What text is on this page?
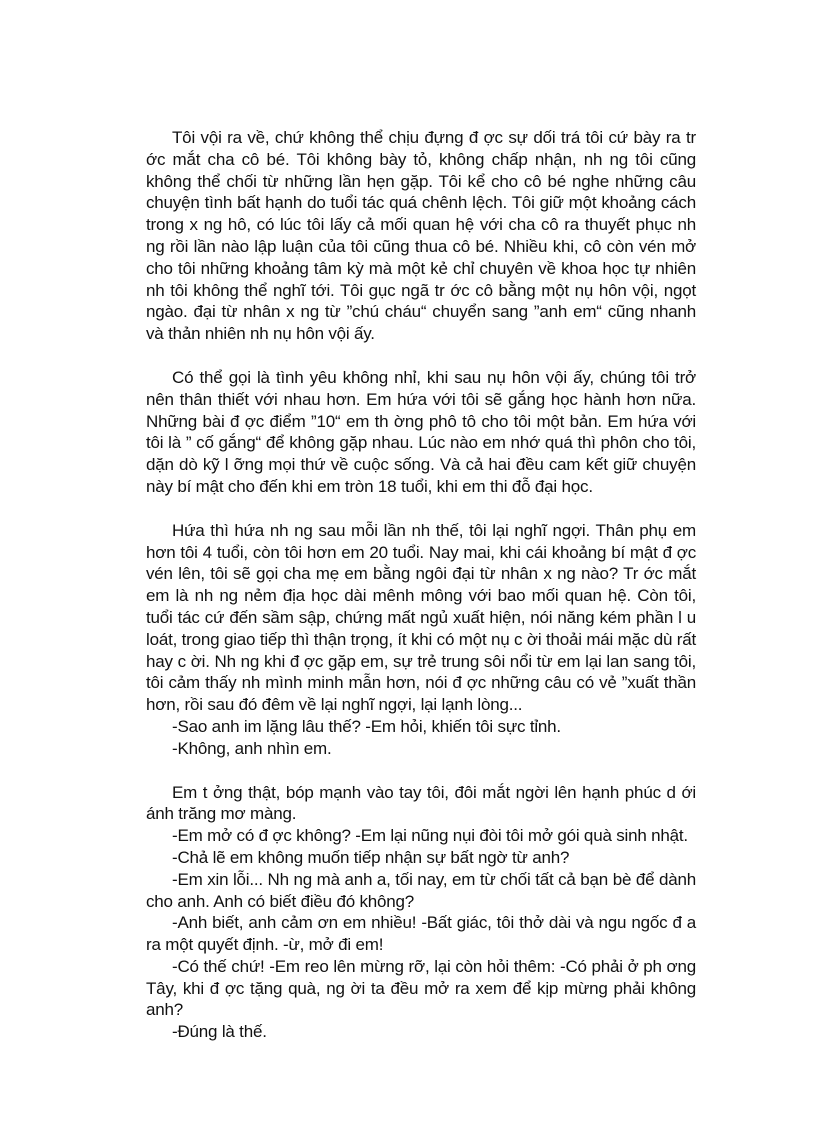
Tôi vội ra về, chứ không thể chịu đựng đ ợc sự dối trá tôi cứ bày ra tr ớc mắt cha cô bé. Tôi không bày tỏ, không chấp nhận, nh ng tôi cũng không thể chối từ những lần hẹn gặp. Tôi kể cho cô bé nghe những câu chuyện tình bất hạnh do tuổi tác quá chênh lệch. Tôi giữ một khoảng cách trong x ng hô, có lúc tôi lấy cả mối quan hệ với cha cô ra thuyết phục nh ng rồi lần nào lập luận của tôi cũng thua cô bé. Nhiều khi, cô còn vén mở cho tôi những khoảng tâm kỳ mà một kẻ chỉ chuyên về khoa học tự nhiên nh tôi không thể nghĩ tới. Tôi gục ngã tr ớc cô bằng một nụ hôn vội, ngọt ngào. đại từ nhân x ng từ ”chú cháu“ chuyển sang ”anh em“ cũng nhanh và thản nhiên nh nụ hôn vội ấy.

Có thể gọi là tình yêu không nhỉ, khi sau nụ hôn vội ấy, chúng tôi trở nên thân thiết với nhau hơn. Em hứa với tôi sẽ gắng học hành hơn nữa. Những bài đ ợc điểm ”10“ em th ờng phô tô cho tôi một bản. Em hứa với tôi là ” cố gắng“ để không gặp nhau. Lúc nào em nhớ quá thì phôn cho tôi, dặn dò kỹ l ỡng mọi thứ về cuộc sống. Và cả hai đều cam kết giữ chuyện này bí mật cho đến khi em tròn 18 tuổi, khi em thi đỗ đại học.

Hứa thì hứa nh ng sau mỗi lần nh thế, tôi lại nghĩ ngợi. Thân phụ em hơn tôi 4 tuổi, còn tôi hơn em 20 tuổi. Nay mai, khi cái khoảng bí mật đ ợc vén lên, tôi sẽ gọi cha mẹ em bằng ngôi đại từ nhân x ng nào? Tr ớc mắt em là nh ng nẻm địa học dài mênh mông với bao mối quan hệ. Còn tôi, tuổi tác cứ đến sầm sập, chứng mất ngủ xuất hiện, nói năng kém phần l u loát, trong giao tiếp thì thận trọng, ít khi có một nụ c ời thoải mái mặc dù rất hay c ời. Nh ng khi đ ợc gặp em, sự trẻ trung sôi nổi từ em lại lan sang tôi, tôi cảm thấy nh mình minh mẫn hơn, nói đ ợc những câu có vẻ ”xuất thần hơn, rồi sau đó đêm về lại nghĩ ngợi, lại lạnh lòng...

-Sao anh im lặng lâu thế? -Em hỏi, khiến tôi sực tỉnh.

-Không, anh nhìn em.

Em t ởng thật, bóp mạnh vào tay tôi, đôi mắt ngời lên hạnh phúc d ới ánh trăng mơ màng.

-Em mở có đ ợc không? -Em lại nũng nụi đòi tôi mở gói quà sinh nhật.

-Chả lẽ em không muốn tiếp nhận sự bất ngờ từ anh?

-Em xin lỗi... Nh ng mà anh a, tối nay, em từ chối tất cả bạn bè để dành cho anh. Anh có biết điều đó không?

-Anh biết, anh cảm ơn em nhiều! -Bất giác, tôi thở dài và ngu ngốc đ a ra một quyết định. -ừ, mở đi em!

-Có thế chứ! -Em reo lên mừng rỡ, lại còn hỏi thêm: -Có phải ở ph ơng Tây, khi đ ợc tặng quà, ng ời ta đều mở ra xem để kịp mừng phải không anh?

-Đúng là thế.
